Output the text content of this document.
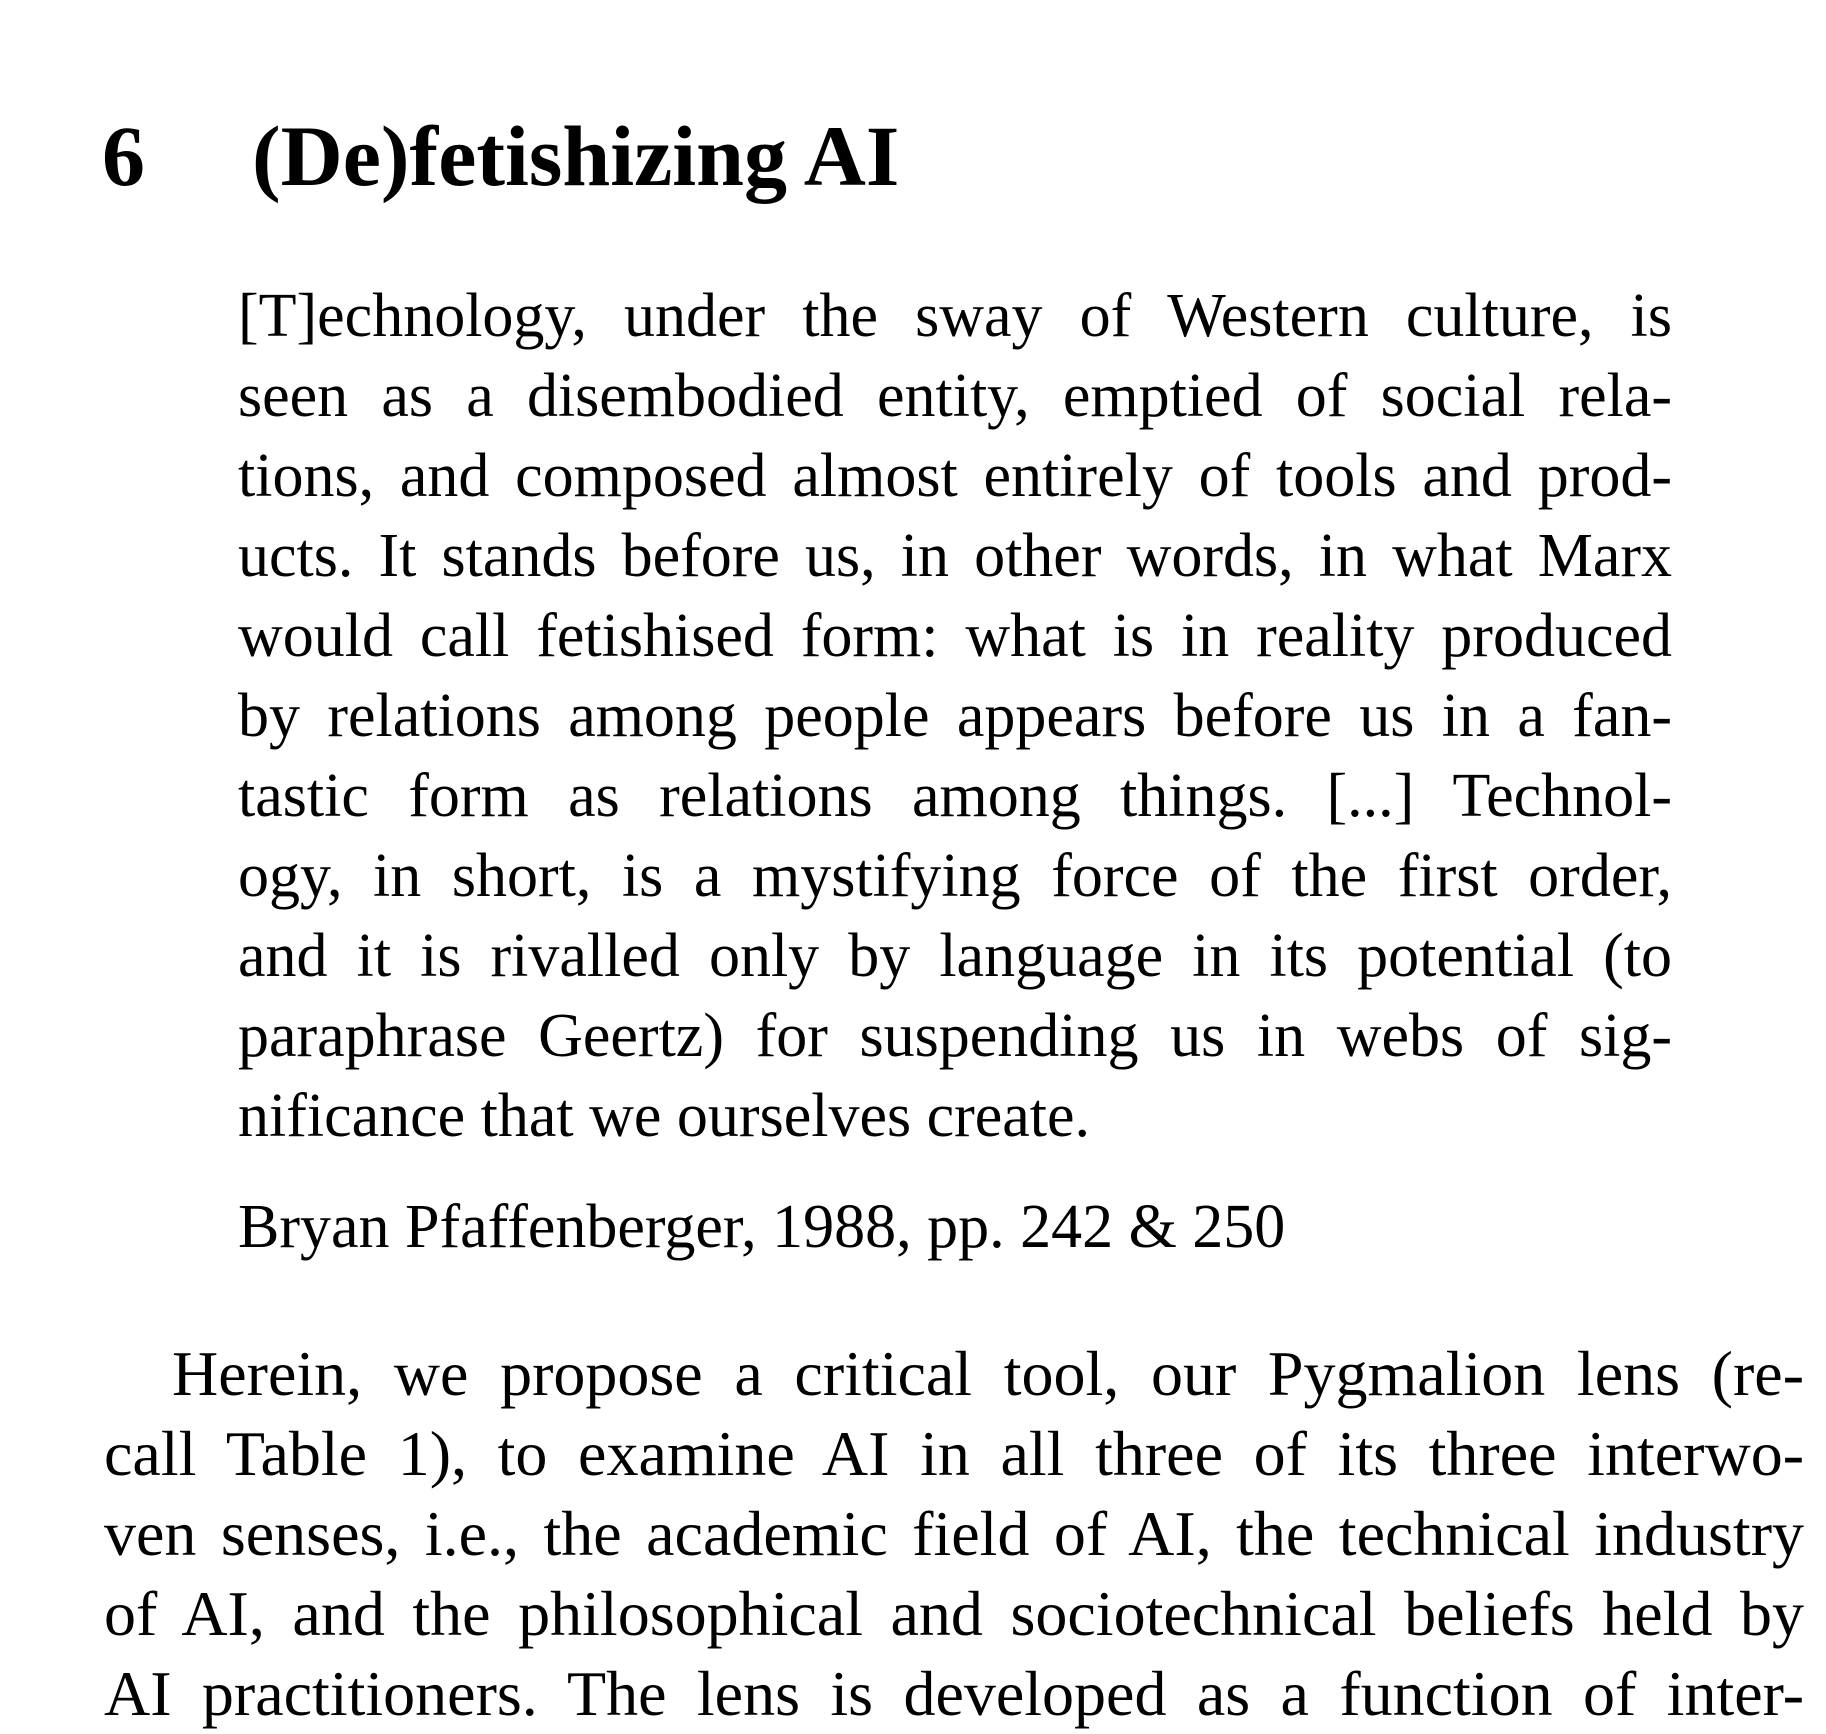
6 (De)fetishizing AI
[T]echnology, under the sway of Western culture, is
seen as a disembodied entity, emptied of social rela-
tions, and composed almost entirely of tools and prod-
ucts. It stands before us, in other words, in what Marx
would call fetishised form: what is in reality produced
by relations among people appears before us in a fan-
tastic form as relations among things. [...] Technol-
ogy, in short, is a mystifying force of the first order,
and it is rivalled only by language in its potential (to
paraphrase Geertz) for suspending us in webs of sig-
nificance that we ourselves create.

Bryan Pfaffenberger, 1988, pp. 242 & 250

Herein, we propose a critical tool, our Pygmalion lens (re-
call Table 1), to examine AI in all three of its three interwo-
ven senses, i.e., the academic field of AI, the technical industry
of AI, and the philosophical and sociotechnical beliefs held by
AI practitioners. The lens is developed as a function of inter-
